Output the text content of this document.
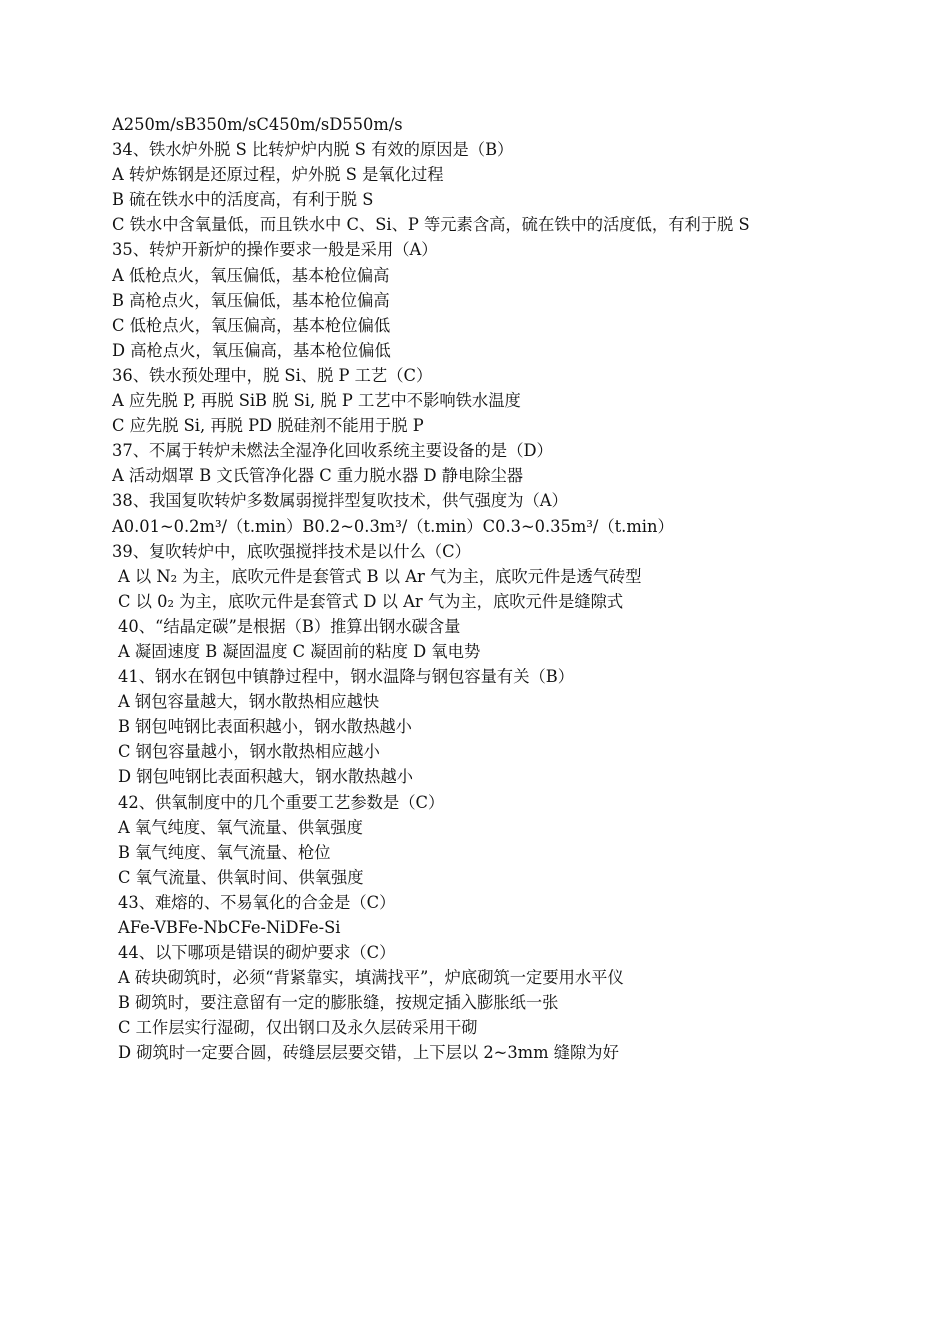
A250m/sB350m/sC450m/sD550m/s
34、铁水炉外脱 S 比转炉炉内脱 S 有效的原因是（B）
A 转炉炼钢是还原过程，炉外脱 S 是氧化过程
B 硫在铁水中的活度高，有利于脱 S
C 铁水中含氧量低，而且铁水中 C、Si、P 等元素含高，硫在铁中的活度低，有利于脱 S
35、转炉开新炉的操作要求一般是采用（A）
A 低枪点火，氧压偏低，基本枪位偏高
B 高枪点火，氧压偏低，基本枪位偏高
C 低枪点火，氧压偏高，基本枪位偏低
D 高枪点火，氧压偏高，基本枪位偏低
36、铁水预处理中，脱 Si、脱 P 工艺（C）
A 应先脱 P, 再脱 SiB 脱 Si, 脱 P 工艺中不影响铁水温度
C 应先脱 Si, 再脱 PD 脱硅剂不能用于脱 P
37、不属于转炉未燃法全湿净化回收系统主要设备的是（D）
A 活动烟罩 B 文氏管净化器 C 重力脱水器 D 静电除尘器
38、我国复吹转炉多数属弱搅拌型复吹技术，供气强度为（A）
A0.01~0.2m³/（t.min）B0.2~0.3m³/（t.min）C0.3~0.35m³/（t.min）
39、复吹转炉中，底吹强搅拌技术是以什么（C）
A 以 N₂ 为主，底吹元件是套管式 B 以 Ar 气为主，底吹元件是透气砖型
C 以 0₂ 为主，底吹元件是套管式 D 以 Ar 气为主，底吹元件是缝隙式
40、“结晶定碳”是根据（B）推算出钢水碳含量
A 凝固速度 B 凝固温度 C 凝固前的粘度 D 氧电势
41、钢水在钢包中镇静过程中，钢水温降与钢包容量有关（B）
A 钢包容量越大，钢水散热相应越快
B 钢包吨钢比表面积越小，钢水散热越小
C 钢包容量越小，钢水散热相应越小
D 钢包吨钢比表面积越大，钢水散热越小
42、供氧制度中的几个重要工艺参数是（C）
A 氧气纯度、氧气流量、供氧强度
B 氧气纯度、氧气流量、枪位
C 氧气流量、供氧时间、供氧强度
43、难熔的、不易氧化的合金是（C）
AFe-VBFe-NbCFe-NiDFe-Si
44、以下哪项是错误的砌炉要求（C）
A 砖块砌筑时，必须“背紧靠实，填满找平”，炉底砌筑一定要用水平仪
B 砌筑时，要注意留有一定的膨胀缝，按规定插入膨胀纸一张
C 工作层实行湿砌，仅出钢口及永久层砖采用干砌
D 砌筑时一定要合圆，砖缝层层要交错，上下层以 2~3mm 缝隙为好
